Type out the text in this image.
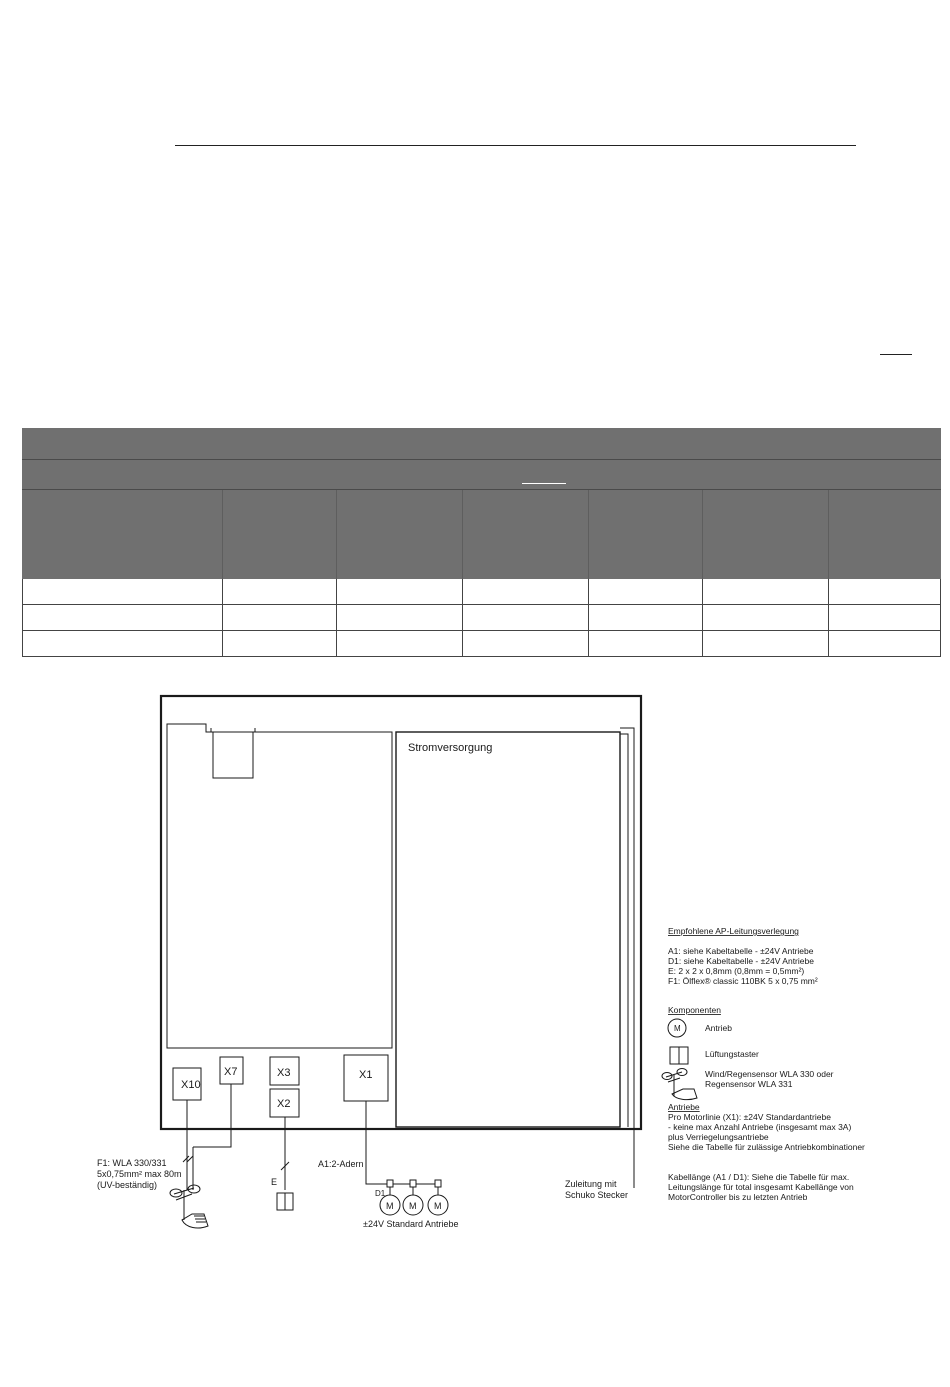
X10
X7	X3
X2
X1
Stromversorgung
F1: WLA 330/331
5x0,75mm² max 80m
(UV-beständig)	E
A1:2-Adern
D1
M M M
±24V Standard Antriebe
Zuleitung mit
Schuko Stecker
Empfohlene AP-Leitungsverlegung
A1: siehe Kabeltabelle - ±24V Antriebe
D1: siehe Kabeltabelle - ±24V Antriebe
E: 2 x 2 x 0,8mm (0,8mm = 0,5mm²)
F1: Ölflex® classic 110BK 5 x 0,75 mm²
Komponenten
M	Antrieb
Lüftungstaster
Wind/Regensensor WLA 330 oder
Regensensor WLA 331
Antriebe
Pro Motorlinie (X1): ±24V Standardantriebe
- keine max Anzahl Antriebe (insgesamt max 3A)
plus Verriegelungsantriebe
Siehe die Tabelle für zulässige Antriebkombinationer
Kabellänge (A1 / D1): Siehe die Tabelle für max.
Leitungslänge für total insgesamt Kabellänge von
MotorController bis zu letzten Antrieb
